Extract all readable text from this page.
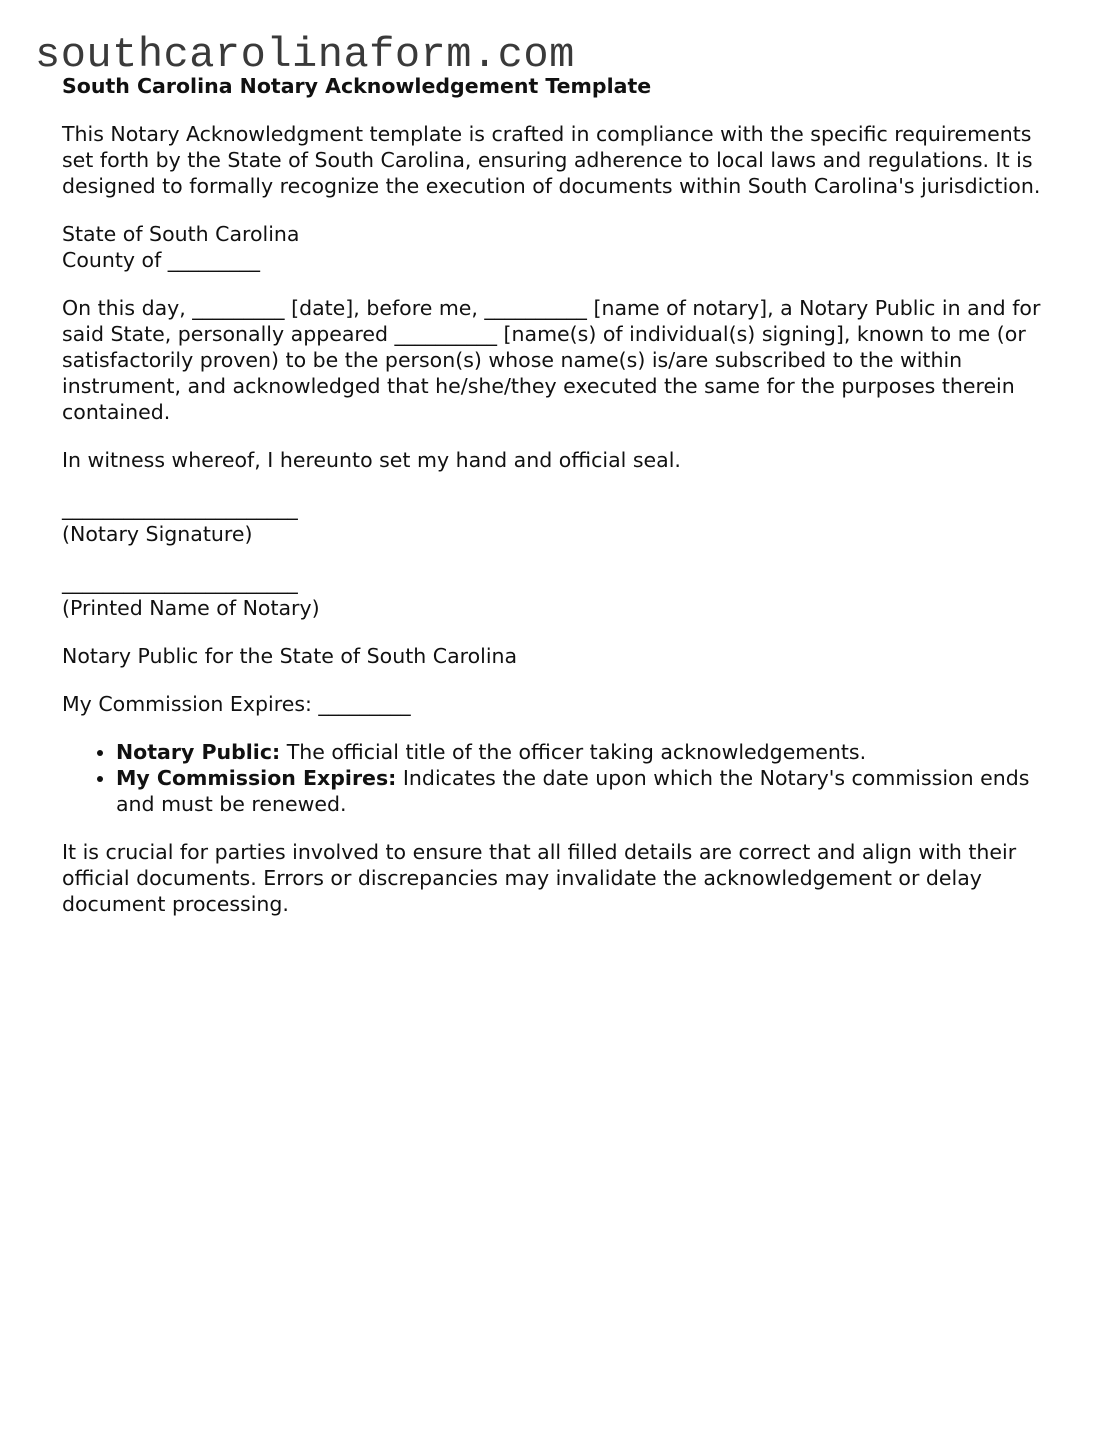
southcarolinaform.com
South Carolina Notary Acknowledgement Template

This Notary Acknowledgment template is crafted in compliance with the specific requirements set forth by the State of South Carolina, ensuring adherence to local laws and regulations. It is designed to formally recognize the execution of documents within South Carolina's jurisdiction.

State of South Carolina
County of _________

On this day, _________ [date], before me, __________ [name of notary], a Notary Public in and for said State, personally appeared __________ [name(s) of individual(s) signing], known to me (or satisfactorily proven) to be the person(s) whose name(s) is/are subscribed to the within instrument, and acknowledged that he/she/they executed the same for the purposes therein contained.

In witness whereof, I hereunto set my hand and official seal.

_______________________
(Notary Signature)
_______________________
(Printed Name of Notary)

Notary Public for the State of South Carolina

My Commission Expires: _________

• Notary Public: The official title of the officer taking acknowledgements.
• My Commission Expires: Indicates the date upon which the Notary's commission ends and must be renewed.

It is crucial for parties involved to ensure that all filled details are correct and align with their official documents. Errors or discrepancies may invalidate the acknowledgement or delay document processing.
